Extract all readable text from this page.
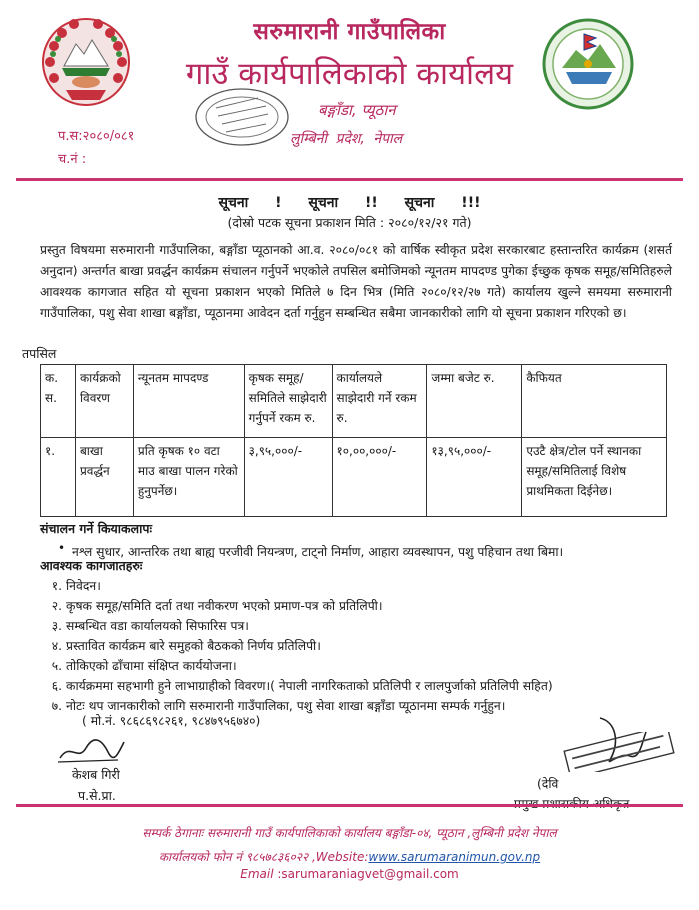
सरुमारानी गाउँपालिका
गाउँ कार्यपालिकाको कार्यालय
बङ्गाँडा, प्यूठान
लुम्बिनी प्रदेश, नेपाल
प.स:२०८०/०८१
च.नं :
सूचना ! सूचना !! सूचना !!!
(दोस्रो पटक सूचना प्रकाशन मिति : २०८०/१२/२१ गते)
प्रस्तुत विषयमा सरुमारानी गाउँपालिका, बङ्गाँडा प्यूठानको आ.व. २०८०/०८१ को वार्षिक स्वीकृत प्रदेश सरकारबाट हस्तान्तरित कार्यक्रम (शसर्त अनुदान) अन्तर्गत बाखा प्रवर्द्धन कार्यक्रम संचालन गर्नुपर्ने भएकोले तपसिल बमोजिमको न्यूनतम मापदण्ड पुगेका ईच्छुक कृषक समूह/समितिहरुले आवश्यक कागजात सहित यो सूचना प्रकाशन भएको मितिले ७ दिन भित्र (मिति २०८०/१२/२७ गते) कार्यालय खुल्ने समयमा सरुमारानी गाउँपालिका, पशु सेवा शाखा बङ्गाँडा, प्यूठानमा आवेदन दर्ता गर्नुहुन सम्बन्धित सबैमा जानकारीको लागि यो सूचना प्रकाशन गरिएको छ।
तपसिल
क. स.	कार्यक्रको विवरण	न्यूनतम मापदण्ड	कृषक समूह/समितिले साझेदारी गर्नुपर्ने रकम रु.	कार्यालयले साझेदारी गर्ने रकम रु.	जम्मा बजेट रु.	कैफियत
१.	बाखा प्रवर्द्धन	प्रति कृषक १० वटा माउ बाखा पालन गरेको हुनुपर्नेछ।	३,९५,०००/-	१०,००,०००/-	१३,९५,०००/-	एउटै क्षेत्र/टोल पर्ने स्थानका समूह/समितिलाई विशेष प्राथमिकता दिईनेछ।
संचालन गर्ने कियाकलापः
• नश्ल सुधार, आन्तरिक तथा बाह्य परजीवी नियन्त्रण, टाट्नो निर्माण, आहारा व्यवस्थापन, पशु पहिचान तथा बिमा।
आवश्यक कागजातहरुः
१. निवेदन।
२. कृषक समूह/समिति दर्ता तथा नवीकरण भएको प्रमाण-पत्र को प्रतिलिपी।
३. सम्बन्धित वडा कार्यालयको सिफारिस पत्र।
४. प्रस्तावित कार्यक्रम बारे समुहको बैठकको निर्णय प्रतिलिपी।
५. तोकिएको ढाँचामा संक्षिप्त कार्ययोजना।
६. कार्यक्रममा सहभागी हुने लाभाग्राहीको विवरण।( नेपाली नागरिकताको प्रतिलिपी र लालपुर्जाको प्रतिलिपी सहित)
७. नोटः थप जानकारीको लागि सरुमारानी गाउँपालिका, पशु सेवा शाखा बङ्गाँडा प्यूठानमा सम्पर्क गर्नुहुन।
( मो.नं. ९८६८६९८२६१, ९८४७९५६७४०)
केशब गिरी
प.से.प्रा.
(देवि
सम्पर्क ठेगानाः सरुमारानी गाउँ कार्यपालिकाको कार्यालय बङ्गाँडा-०४, प्यूठान ,लुम्बिनी प्रदेश नेपाल
कार्यालयको फोन नं ९८५७८३६०२२ ,Website:www.sarumaranimun.gov.np
Email :sarumaraniagvet@gmail.com
